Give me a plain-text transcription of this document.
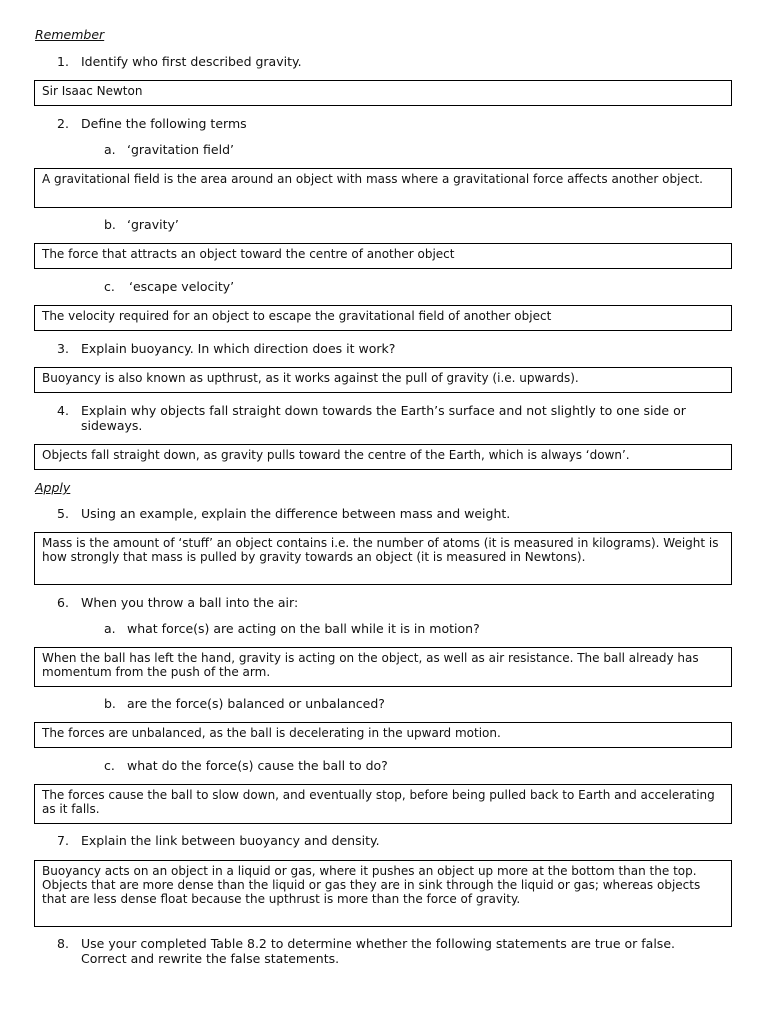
Remember
1. Identify who first described gravity.
Sir Isaac Newton
2. Define the following terms
a. ‘gravitation field’
A gravitational field is the area around an object with mass where a gravitational force affects another object.
b. ‘gravity’
The force that attracts an object toward the centre of another object
c. ‘escape velocity’
The velocity required for an object to escape the gravitational field of another object
3. Explain buoyancy. In which direction does it work?
Buoyancy is also known as upthrust, as it works against the pull of gravity (i.e. upwards).
4. Explain why objects fall straight down towards the Earth’s surface and not slightly to one side or sideways.
Objects fall straight down, as gravity pulls toward the centre of the Earth, which is always ‘down’.
Apply
5. Using an example, explain the difference between mass and weight.
Mass is the amount of ‘stuff’ an object contains i.e. the number of atoms (it is measured in kilograms). Weight is how strongly that mass is pulled by gravity towards an object (it is measured in Newtons).
6. When you throw a ball into the air:
a. what force(s) are acting on the ball while it is in motion?
When the ball has left the hand, gravity is acting on the object, as well as air resistance. The ball already has momentum from the push of the arm.
b. are the force(s) balanced or unbalanced?
The forces are unbalanced, as the ball is decelerating in the upward motion.
c. what do the force(s) cause the ball to do?
The forces cause the ball to slow down, and eventually stop, before being pulled back to Earth and accelerating as it falls.
7. Explain the link between buoyancy and density.
Buoyancy acts on an object in a liquid or gas, where it pushes an object up more at the bottom than the top. Objects that are more dense than the liquid or gas they are in sink through the liquid or gas; whereas objects that are less dense float because the upthrust is more than the force of gravity.
8. Use your completed Table 8.2 to determine whether the following statements are true or false. Correct and rewrite the false statements.
